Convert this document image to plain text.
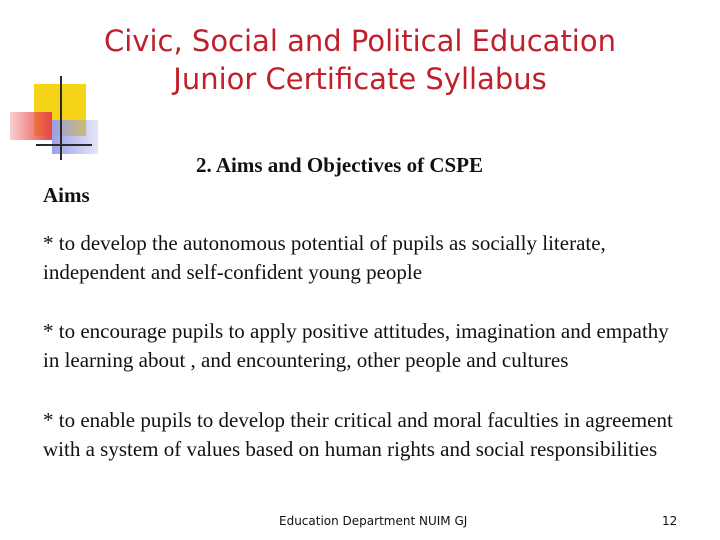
Civic, Social and Political Education
Junior Certificate Syllabus
2. Aims and Objectives of CSPE
Aims
* to develop the autonomous potential of pupils as socially literate, independent and self-confident young people
* to encourage pupils to apply positive attitudes, imagination and empathy in learning about , and encountering, other people and cultures
* to enable pupils to develop their critical and moral faculties in agreement with a system of values based on human rights and social responsibilities
Education Department NUIM GJ	12
